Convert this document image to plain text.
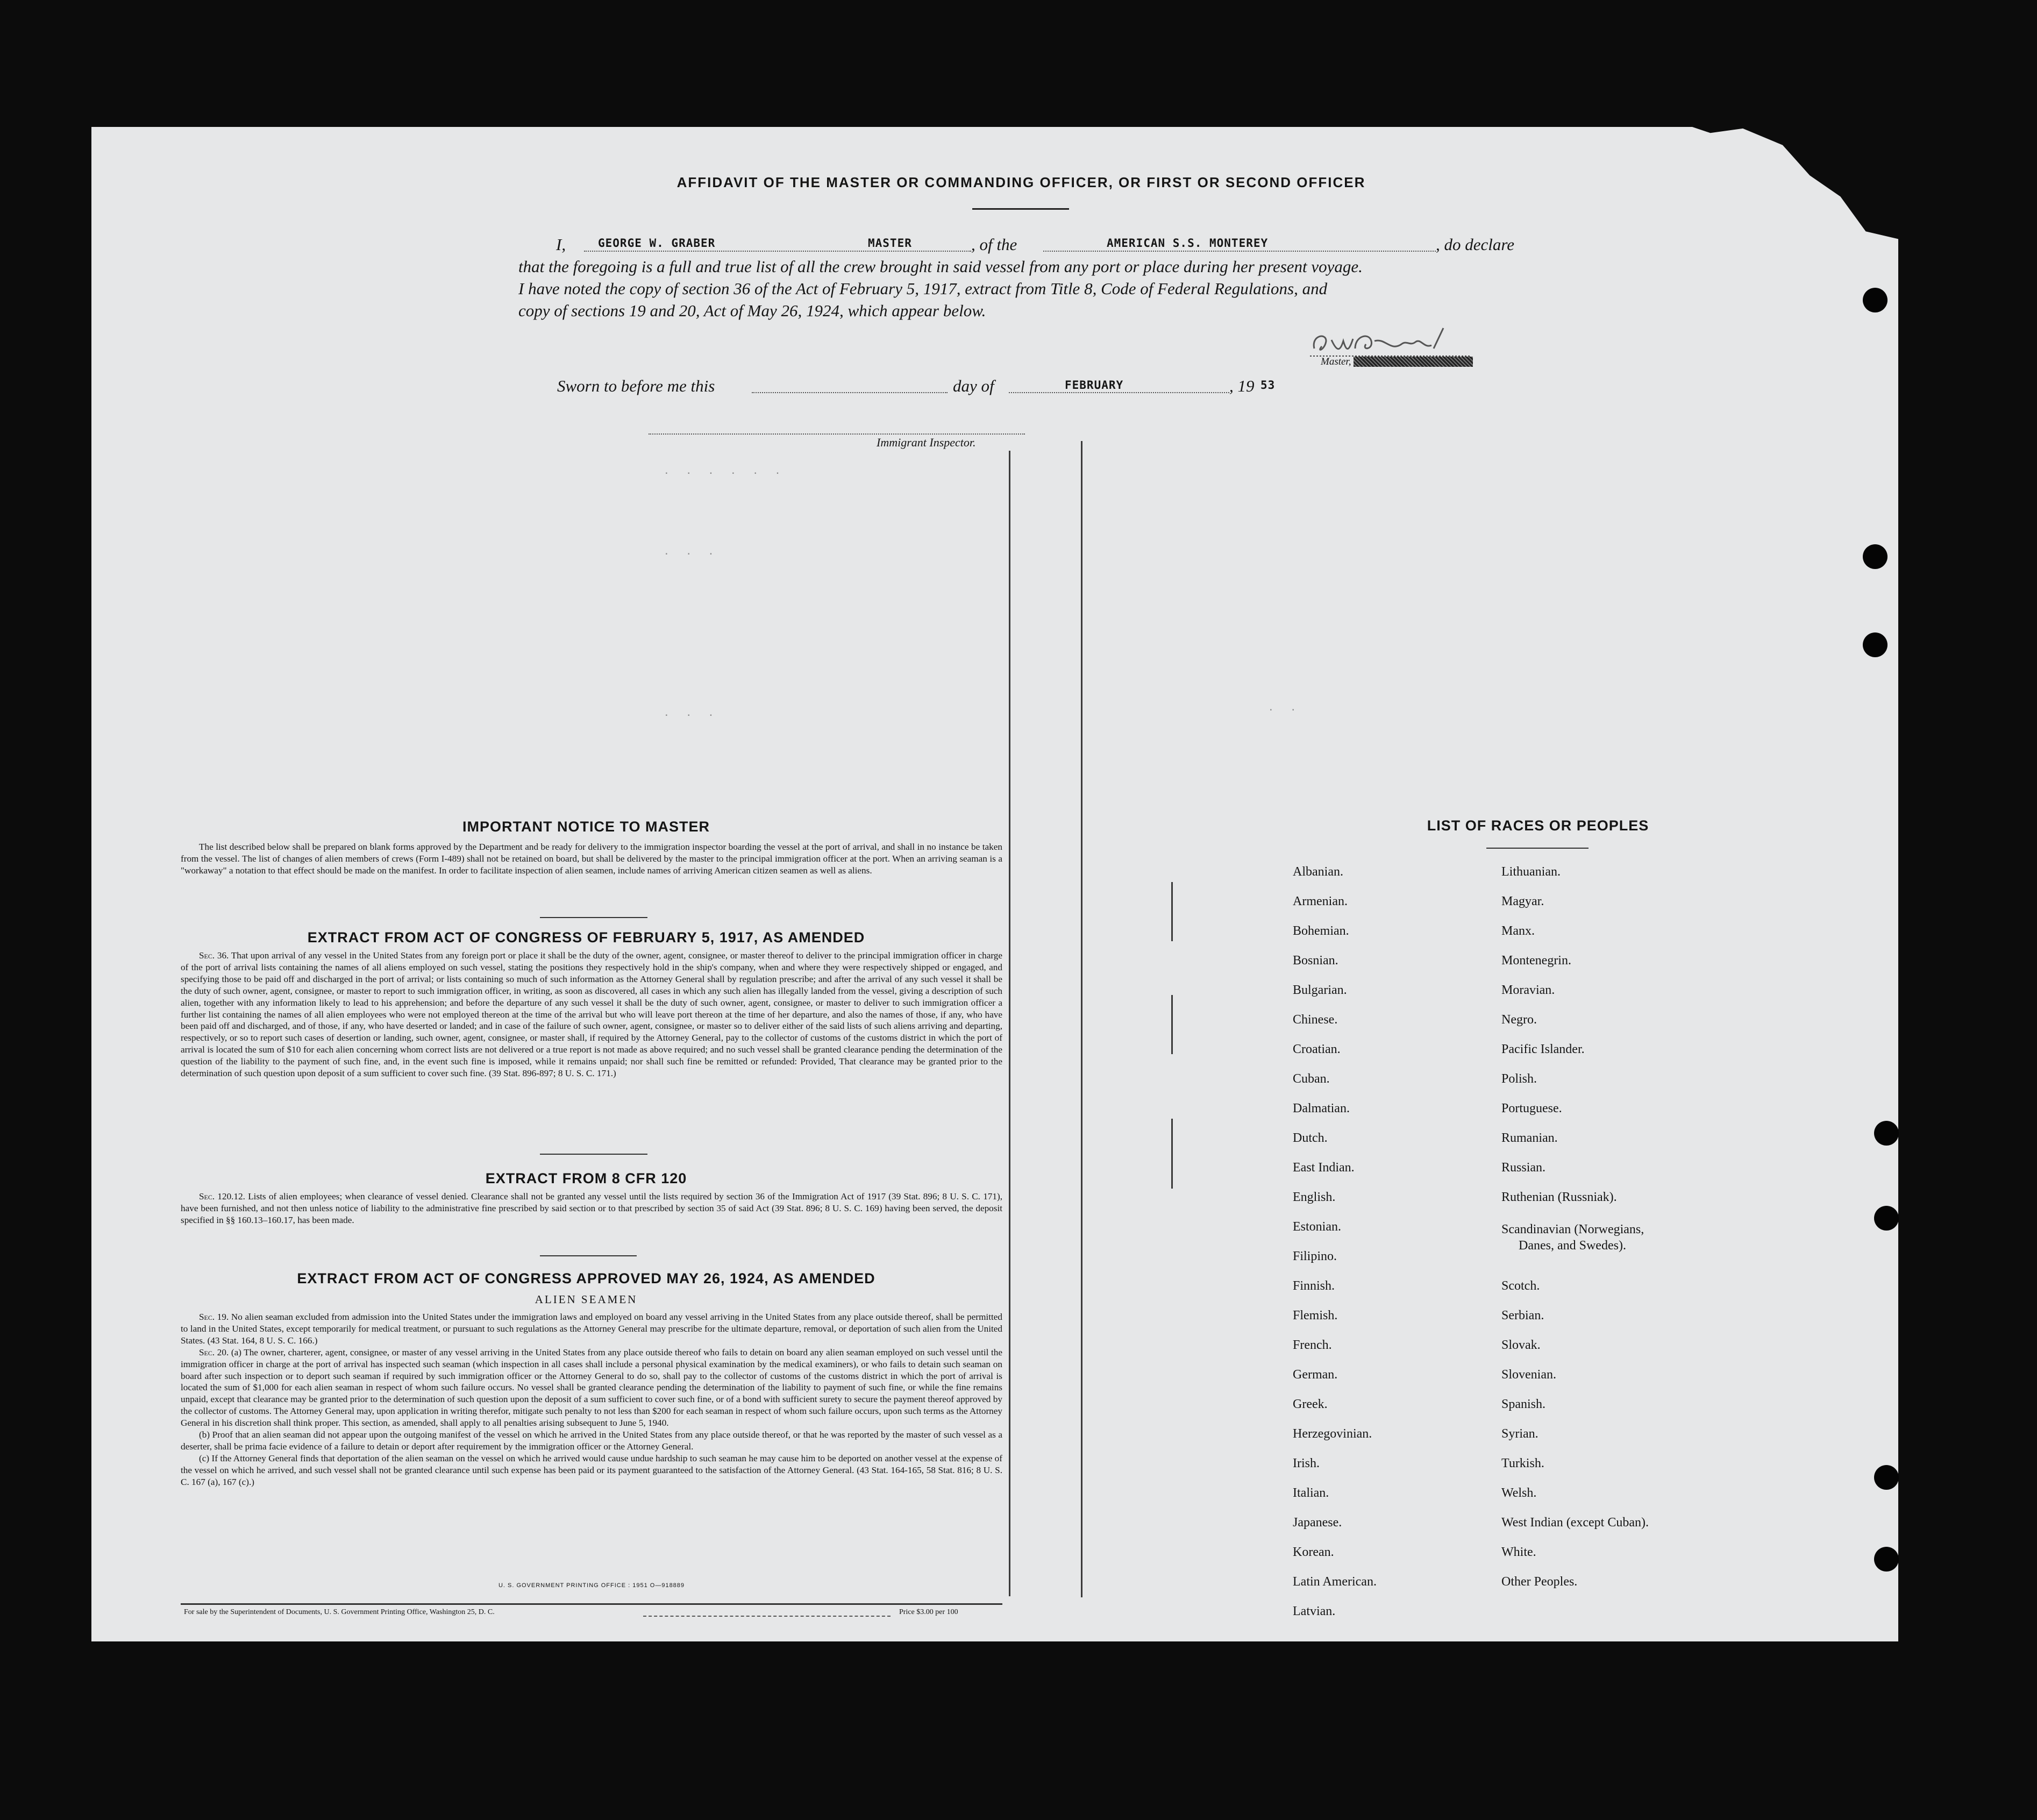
AFFIDAVIT OF THE MASTER OR COMMANDING OFFICER, OR FIRST OR SECOND OFFICER
I,	GEORGE W. GRABER	MASTER	, of the	AMERICAN S.S. MONTEREY	, do declare
that the foregoing is a full and true list of all the crew brought in said vessel from any port or place during her present voyage.
I have noted the copy of section 36 of the Act of February 5, 1917, extract from Title 8, Code of Federal Regulations, and
copy of sections 19 and 20, Act of May 26, 1924, which appear below.
Master,
Sworn to before me this	day of	FEBRUARY	, 19 53
Immigrant Inspector.
. . . . . .
. . .
. . .	. .
IMPORTANT NOTICE TO MASTER

The list described below shall be prepared on blank forms approved by the Department and be ready for delivery to the immigration inspector boarding the vessel at the port of arrival, and shall in no instance be taken from the vessel. The list of changes of alien members of crews (Form I-489) shall not be retained on board, but shall be delivered by the master to the principal immigration officer at the port. When an arriving seaman is a "workaway" a notation to that effect should be made on the manifest. In order to facilitate inspection of alien seamen, include names of arriving American citizen seamen as well as aliens.

EXTRACT FROM ACT OF CONGRESS OF FEBRUARY 5, 1917, AS AMENDED

Sec. 36. That upon arrival of any vessel in the United States from any foreign port or place it shall be the duty of the owner, agent, consignee, or master thereof to deliver to the principal immigration officer in charge of the port of arrival lists containing the names of all aliens employed on such vessel, stating the positions they respectively hold in the ship's company, when and where they were respectively shipped or engaged, and specifying those to be paid off and discharged in the port of arrival; or lists containing so much of such information as the Attorney General shall by regulation prescribe; and after the arrival of any such vessel it shall be the duty of such owner, agent, consignee, or master to report to such immigration officer, in writing, as soon as discovered, all cases in which any such alien has illegally landed from the vessel, giving a description of such alien, together with any information likely to lead to his apprehension; and before the departure of any such vessel it shall be the duty of such owner, agent, consignee, or master to deliver to such immigration officer a further list containing the names of all alien employees who were not employed thereon at the time of the arrival but who will leave port thereon at the time of her departure, and also the names of those, if any, who have been paid off and discharged, and of those, if any, who have deserted or landed; and in case of the failure of such owner, agent, consignee, or master so to deliver either of the said lists of such aliens arriving and departing, respectively, or so to report such cases of desertion or landing, such owner, agent, consignee, or master shall, if required by the Attorney General, pay to the collector of customs of the customs district in which the port of arrival is located the sum of $10 for each alien concerning whom correct lists are not delivered or a true report is not made as above required; and no such vessel shall be granted clearance pending the determination of the question of the liability to the payment of such fine, and, in the event such fine is imposed, while it remains unpaid; nor shall such fine be remitted or refunded: Provided, That clearance may be granted prior to the determination of such question upon deposit of a sum sufficient to cover such fine. (39 Stat. 896-897; 8 U. S. C. 171.)

EXTRACT FROM 8 CFR 120

Sec. 120.12. Lists of alien employees; when clearance of vessel denied. Clearance shall not be granted any vessel until the lists required by section 36 of the Immigration Act of 1917 (39 Stat. 896; 8 U. S. C. 171), have been furnished, and not then unless notice of liability to the administrative fine prescribed by said section or to that prescribed by section 35 of said Act (39 Stat. 896; 8 U. S. C. 169) having been served, the deposit specified in §§ 160.13–160.17, has been made.

EXTRACT FROM ACT OF CONGRESS APPROVED MAY 26, 1924, AS AMENDED
ALIEN SEAMEN

Sec. 19. No alien seaman excluded from admission into the United States under the immigration laws and employed on board any vessel arriving in the United States from any place outside thereof, shall be permitted to land in the United States, except temporarily for medical treatment, or pursuant to such regulations as the Attorney General may prescribe for the ultimate departure, removal, or deportation of such alien from the United States. (43 Stat. 164, 8 U. S. C. 166.)

Sec. 20. (a) The owner, charterer, agent, consignee, or master of any vessel arriving in the United States from any place outside thereof who fails to detain on board any alien seaman employed on such vessel until the immigration officer in charge at the port of arrival has inspected such seaman (which inspection in all cases shall include a personal physical examination by the medical examiners), or who fails to detain such seaman on board after such inspection or to deport such seaman if required by such immigration officer or the Attorney General to do so, shall pay to the collector of customs of the customs district in which the port of arrival is located the sum of $1,000 for each alien seaman in respect of whom such failure occurs. No vessel shall be granted clearance pending the determination of the liability to payment of such fine, or while the fine remains unpaid, except that clearance may be granted prior to the determination of such question upon the deposit of a sum sufficient to cover such fine, or of a bond with sufficient surety to secure the payment thereof approved by the collector of customs. The Attorney General may, upon application in writing therefor, mitigate such penalty to not less than $200 for each seaman in respect of whom such failure occurs, upon such terms as the Attorney General in his discretion shall think proper. This section, as amended, shall apply to all penalties arising subsequent to June 5, 1940.

(b) Proof that an alien seaman did not appear upon the outgoing manifest of the vessel on which he arrived in the United States from any place outside thereof, or that he was reported by the master of such vessel as a deserter, shall be prima facie evidence of a failure to detain or deport after requirement by the immigration officer or the Attorney General.

(c) If the Attorney General finds that deportation of the alien seaman on the vessel on which he arrived would cause undue hardship to such seaman he may cause him to be deported on another vessel at the expense of the vessel on which he arrived, and such vessel shall not be granted clearance until such expense has been paid or its payment guaranteed to the satisfaction of the Attorney General. (43 Stat. 164-165, 58 Stat. 816; 8 U. S. C. 167 (a), 167 (c).)

U. S. GOVERNMENT PRINTING OFFICE : 1951 O—918889
For sale by the Superintendent of Documents, U. S. Government Printing Office, Washington 25, D. C.	Price $3.00 per 100
LIST OF RACES OR PEOPLES
Albanian.
Armenian.
Bohemian.
Bosnian.
Bulgarian.
Chinese.
Croatian.
Cuban.
Dalmatian.
Dutch.
East Indian.
English.
Estonian.
Filipino.
Finnish.
Flemish.
French.
German.
Greek.
Herzegovinian.
Irish.
Italian.
Japanese.
Korean.
Latin American.
Latvian.
Lithuanian.
Magyar.
Manx.
Montenegrin.
Moravian.
Negro.
Pacific Islander.
Polish.
Portuguese.
Rumanian.
Russian.
Ruthenian (Russniak).
Scandinavian (Norwegians,
Danes, and Swedes).
Scotch.
Serbian.
Slovak.
Slovenian.
Spanish.
Syrian.
Turkish.
Welsh.
West Indian (except Cuban).
White.
Other Peoples.
